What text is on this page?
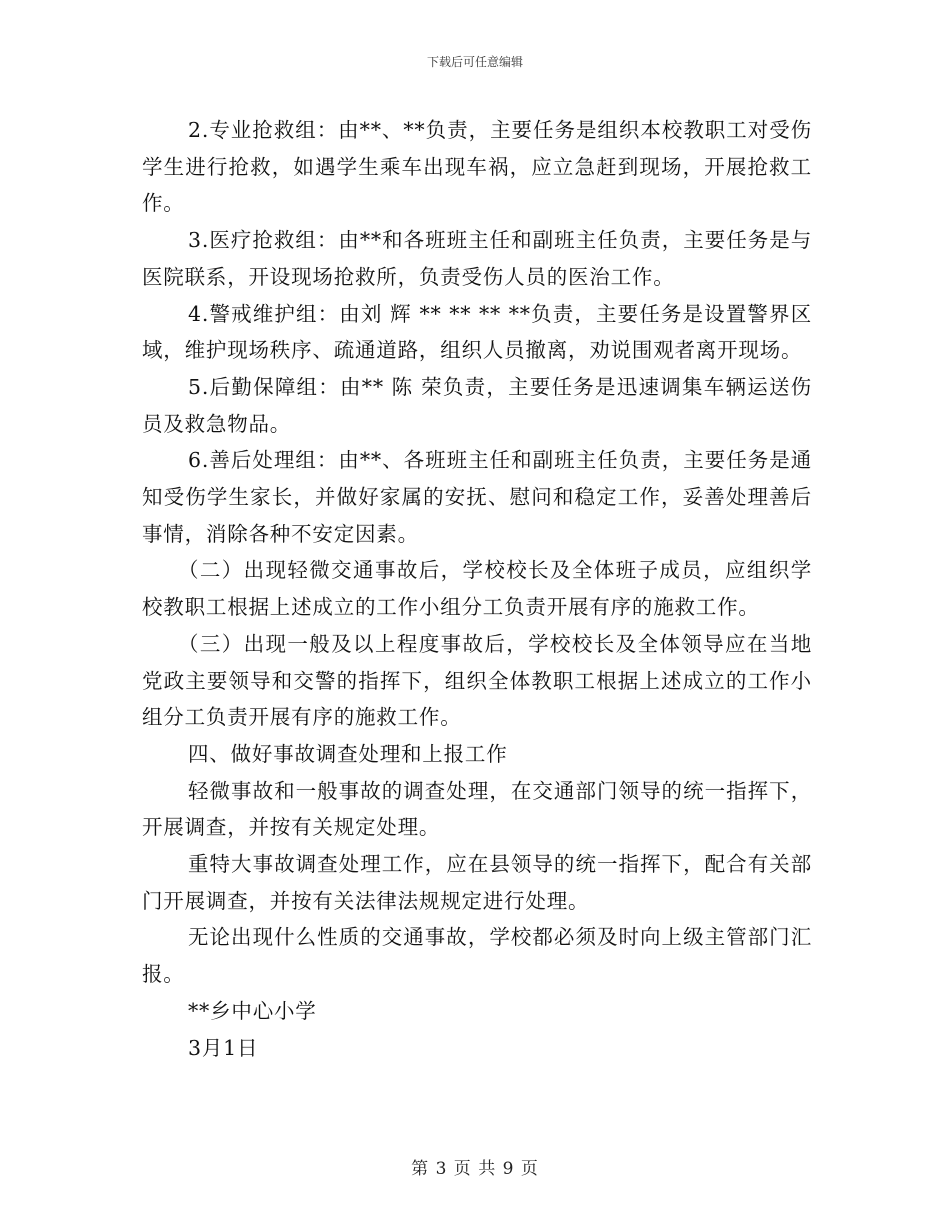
下载后可任意编辑

2.专业抢救组：由**、**负责，主要任务是组织本校教职工对受伤学生进行抢救，如遇学生乘车出现车祸，应立急赶到现场，开展抢救工作。

3.医疗抢救组：由**和各班班主任和副班主任负责，主要任务是与医院联系，开设现场抢救所，负责受伤人员的医治工作。

4.警戒维护组：由刘 辉 ** ** ** **负责，主要任务是设置警界区域，维护现场秩序、疏通道路，组织人员撤离，劝说围观者离开现场。

5.后勤保障组：由** 陈 荣负责，主要任务是迅速调集车辆运送伤员及救急物品。

6.善后处理组：由**、各班班主任和副班主任负责，主要任务是通知受伤学生家长，并做好家属的安抚、慰问和稳定工作，妥善处理善后事情，消除各种不安定因素。

（二）出现轻微交通事故后，学校校长及全体班子成员，应组织学校教职工根据上述成立的工作小组分工负责开展有序的施救工作。

（三）出现一般及以上程度事故后，学校校长及全体领导应在当地党政主要领导和交警的指挥下，组织全体教职工根据上述成立的工作小组分工负责开展有序的施救工作。

四、做好事故调查处理和上报工作

轻微事故和一般事故的调查处理，在交通部门领导的统一指挥下，开展调查，并按有关规定处理。

重特大事故调查处理工作，应在县领导的统一指挥下，配合有关部门开展调查，并按有关法律法规规定进行处理。

无论出现什么性质的交通事故，学校都必须及时向上级主管部门汇报。

**乡中心小学

3月1日

第 3 页 共 9 页
